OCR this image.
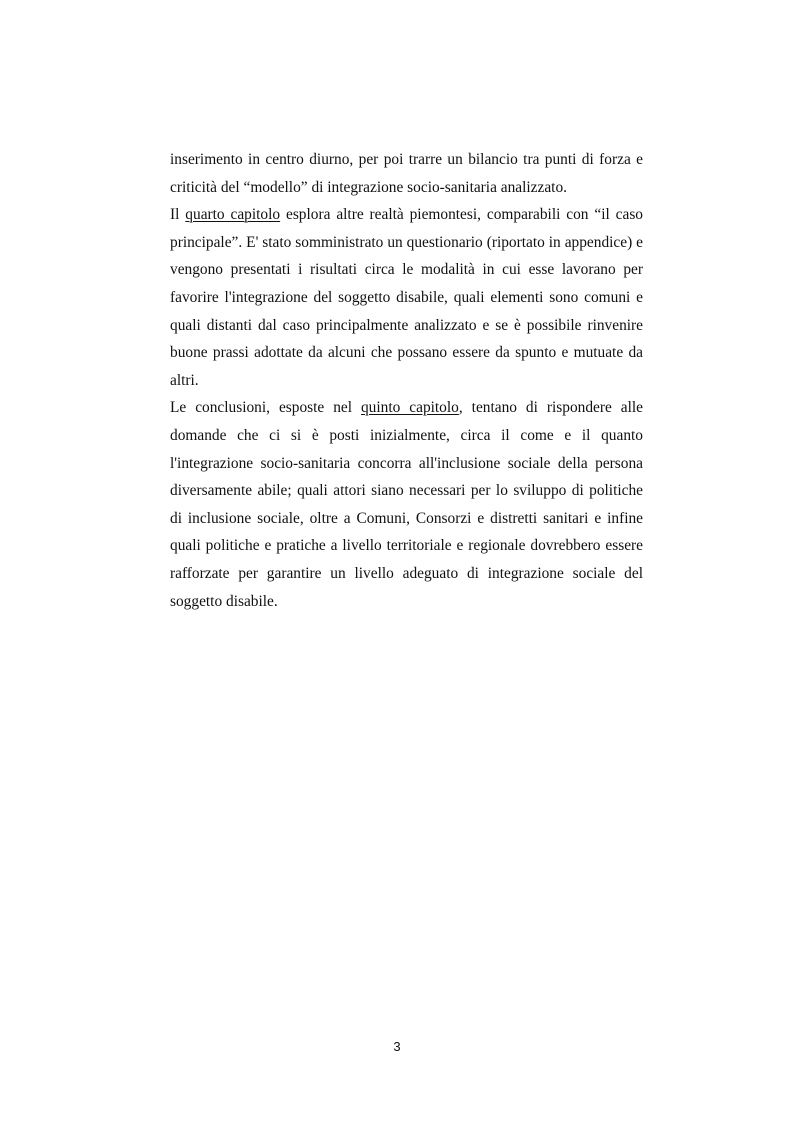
inserimento in centro diurno, per poi trarre un bilancio tra punti di forza e criticità del “modello” di integrazione socio-sanitaria analizzato.

Il quarto capitolo esplora altre realtà piemontesi, comparabili con “il caso principale”. E' stato somministrato un questionario (riportato in appendice) e vengono presentati i risultati circa le modalità in cui esse lavorano per favorire l'integrazione del soggetto disabile, quali elementi sono comuni e quali distanti dal caso principalmente analizzato e se è possibile rinvenire buone prassi adottate da alcuni che possano essere da spunto e mutuate da altri.

Le conclusioni, esposte nel quinto capitolo, tentano di rispondere alle domande che ci si è posti inizialmente, circa il come e il quanto l'integrazione socio-sanitaria concorra all'inclusione sociale della persona diversamente abile; quali attori siano necessari per lo sviluppo di politiche di inclusione sociale, oltre a Comuni, Consorzi e distretti sanitari e infine quali politiche e pratiche a livello territoriale e regionale dovrebbero essere rafforzate per garantire un livello adeguato di integrazione sociale del soggetto disabile.

3
